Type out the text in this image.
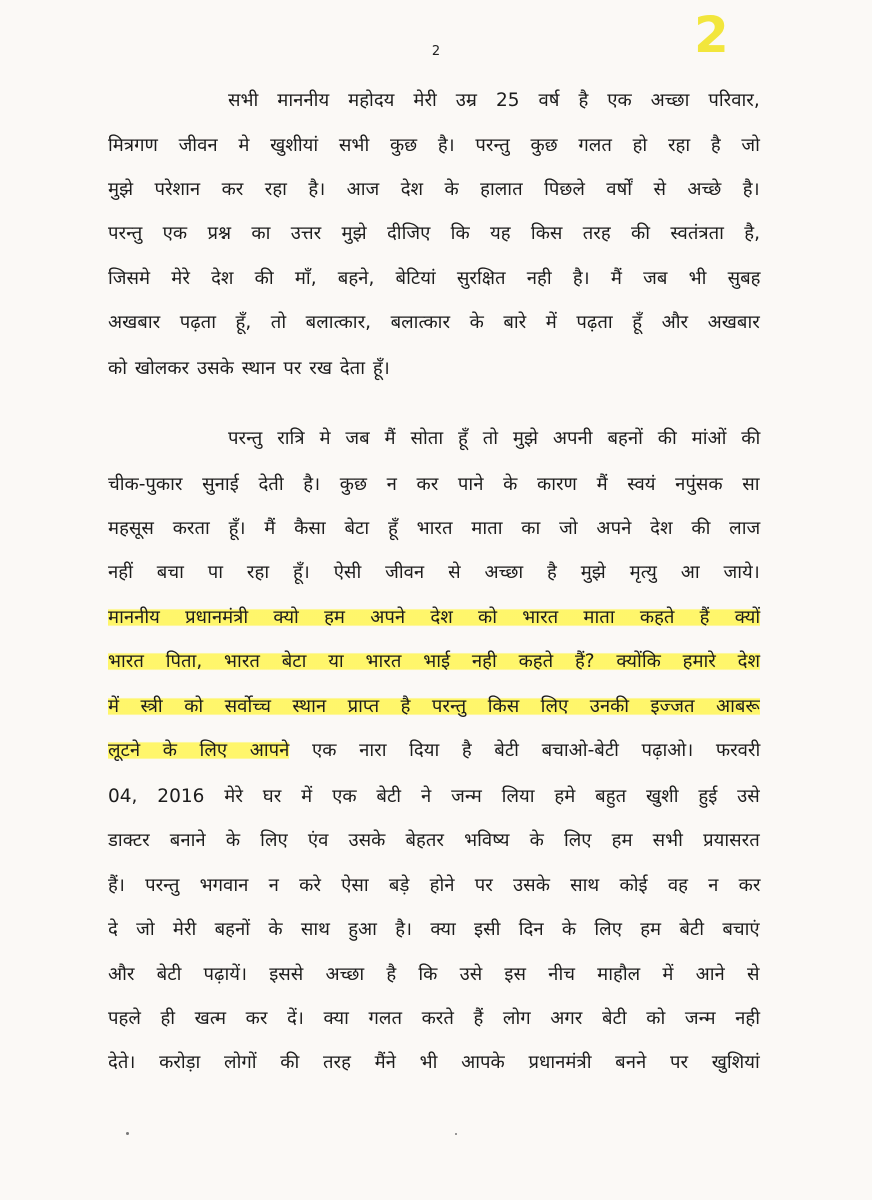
2	2
सभी माननीय महोदय मेरी उम्र 25 वर्ष है एक अच्छा परिवार,
मित्रगण जीवन मे खुशीयां सभी कुछ है। परन्तु कुछ गलत हो रहा है जो
मुझे परेशान कर रहा है। आज देश के हालात पिछले वर्षों से अच्छे है।
परन्तु एक प्रश्न का उत्तर मुझे दीजिए कि यह किस तरह की स्वतंत्रता है,
जिसमे मेरे देश की माँ, बहने, बेटियां सुरक्षित नही है। मैं जब भी सुबह
अखबार पढ़ता हूँ, तो बलात्कार, बलात्कार के बारे में पढ़ता हूँ और अखबार
को खोलकर उसके स्थान पर रख देता हूँ।
परन्तु रात्रि मे जब मैं सोता हूँ तो मुझे अपनी बहनों की मांओं की
चीक-पुकार सुनाई देती है। कुछ न कर पाने के कारण मैं स्वयं नपुंसक सा
महसूस करता हूँ। मैं कैसा बेटा हूँ भारत माता का जो अपने देश की लाज
नहीं बचा पा रहा हूँ। ऐसी जीवन से अच्छा है मुझे मृत्यु आ जाये।
माननीय प्रधानमंत्री क्यो हम अपने देश को भारत माता कहते हैं क्यों
भारत पिता, भारत बेटा या भारत भाई नही कहते हैं? क्योंकि हमारे देश
में स्त्री को सर्वोच्च स्थान प्राप्त है परन्तु किस लिए उनकी इज्जत आबरू
लूटने के लिए आपने एक नारा दिया है बेटी बचाओ-बेटी पढ़ाओ। फरवरी
04, 2016 मेरे घर में एक बेटी ने जन्म लिया हमे बहुत खुशी हुई उसे
डाक्टर बनाने के लिए एंव उसके बेहतर भविष्य के लिए हम सभी प्रयासरत
हैं। परन्तु भगवान न करे ऐसा बड़े होने पर उसके साथ कोई वह न कर
दे जो मेरी बहनों के साथ हुआ है। क्या इसी दिन के लिए हम बेटी बचाएं
और बेटी पढ़ायें। इससे अच्छा है कि उसे इस नीच माहौल में आने से
पहले ही खत्म कर दें। क्या गलत करते हैं लोग अगर बेटी को जन्म नही
देते। करोड़ा लोगों की तरह मैंने भी आपके प्रधानमंत्री बनने पर खुशियां
